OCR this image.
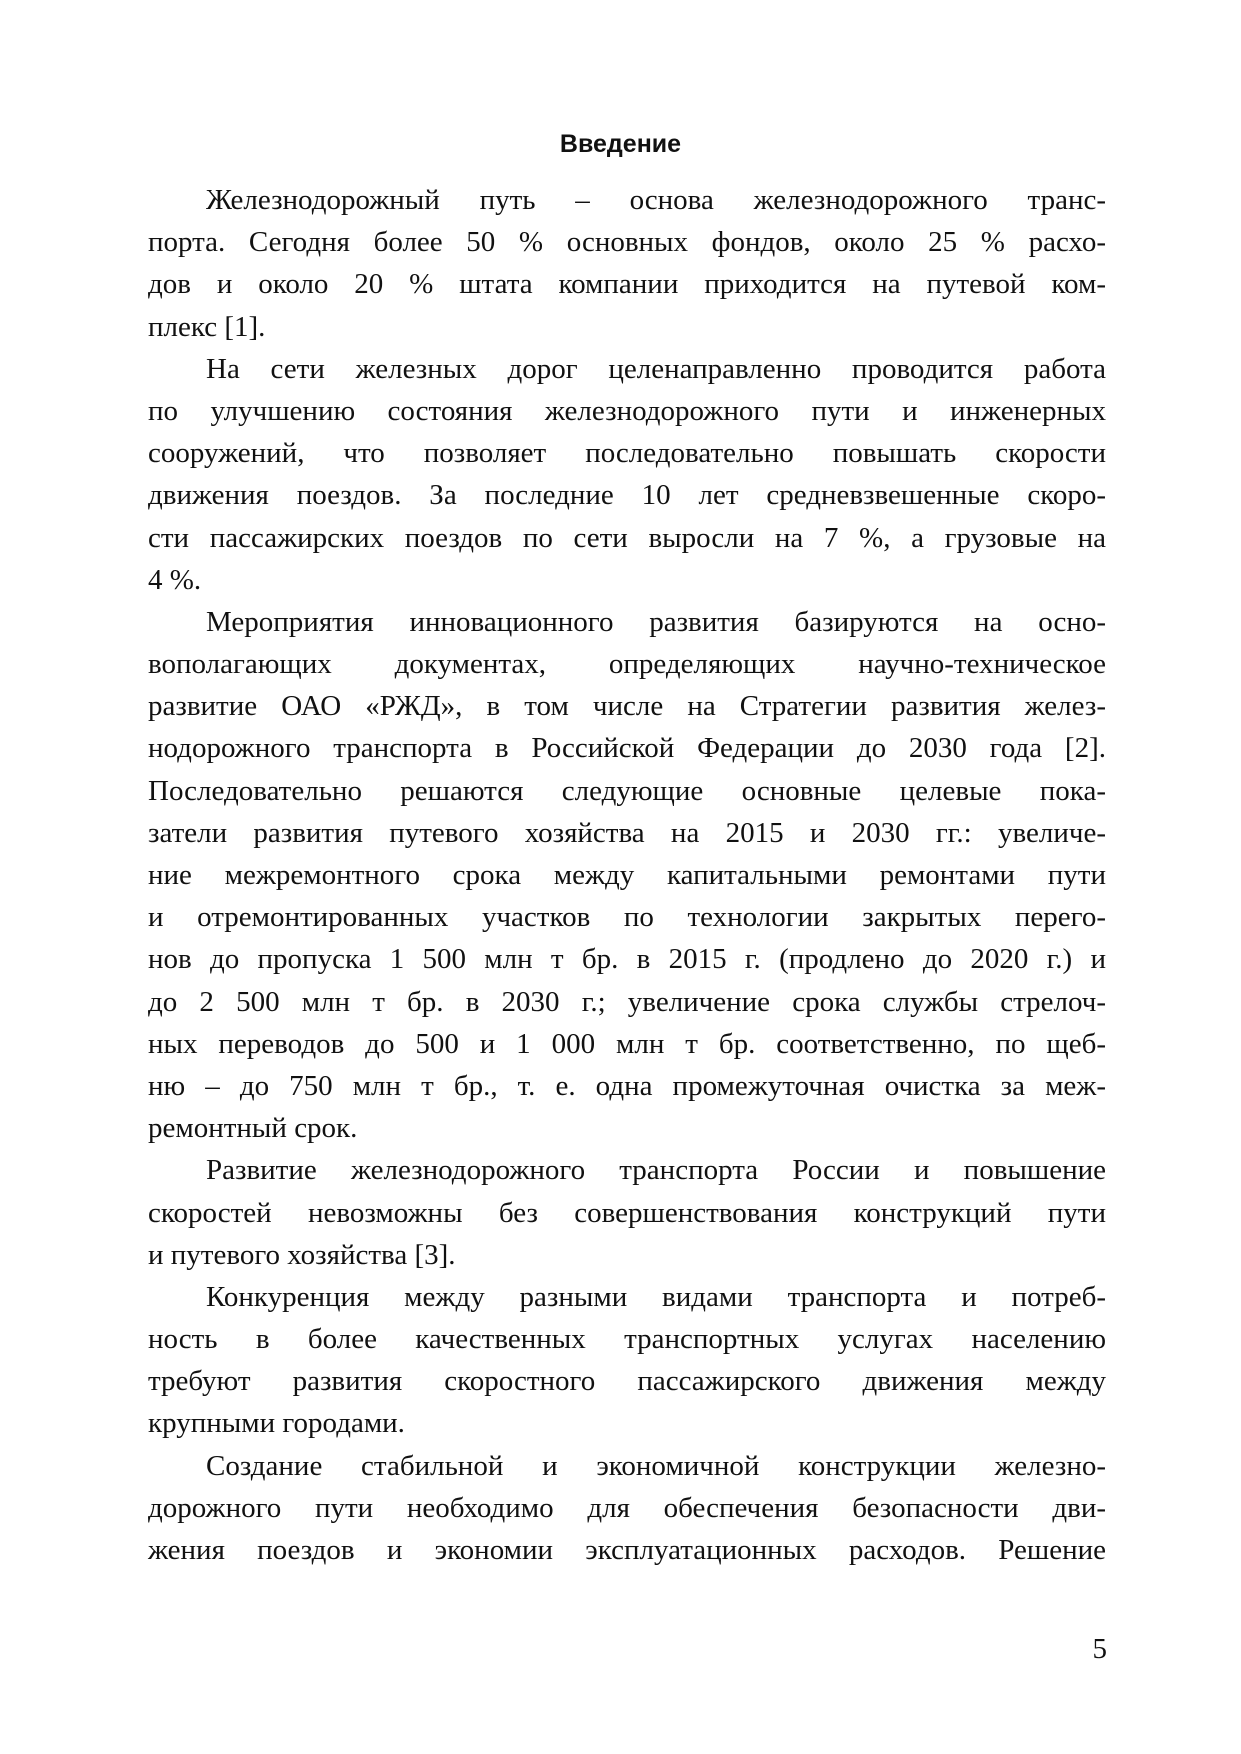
Введение
Железнодорожный путь – основа железнодорожного транс-
порта. Сегодня более 50 % основных фондов, около 25 % расхо-
дов и около 20 % штата компании приходится на путевой ком-
плекс [1].
На сети железных дорог целенаправленно проводится работа
по улучшению состояния железнодорожного пути и инженерных
сооружений, что позволяет последовательно повышать скорости
движения поездов. За последние 10 лет средневзвешенные скоро-
сти пассажирских поездов по сети выросли на 7 %, а грузовые на
4 %.
Мероприятия инновационного развития базируются на осно-
вополагающих документах, определяющих научно-техническое
развитие ОАО «РЖД», в том числе на Стратегии развития желез-
нодорожного транспорта в Российской Федерации до 2030 года [2].
Последовательно решаются следующие основные целевые пока-
затели развития путевого хозяйства на 2015 и 2030 гг.: увеличе-
ние межремонтного срока между капитальными ремонтами пути
и отремонтированных участков по технологии закрытых перего-
нов до пропуска 1 500 млн т бр. в 2015 г. (продлено до 2020 г.) и
до 2 500 млн т бр. в 2030 г.; увеличение срока службы стрелоч-
ных переводов до 500 и 1 000 млн т бр. соответственно, по щеб-
ню – до 750 млн т бр., т. е. одна промежуточная очистка за меж-
ремонтный срок.
Развитие железнодорожного транспорта России и повышение
скоростей невозможны без совершенствования конструкций пути
и путевого хозяйства [3].
Конкуренция между разными видами транспорта и потреб-
ность в более качественных транспортных услугах населению
требуют развития скоростного пассажирского движения между
крупными городами.
Создание стабильной и экономичной конструкции железно-
дорожного пути необходимо для обеспечения безопасности дви-
жения поездов и экономии эксплуатационных расходов. Решение
5
